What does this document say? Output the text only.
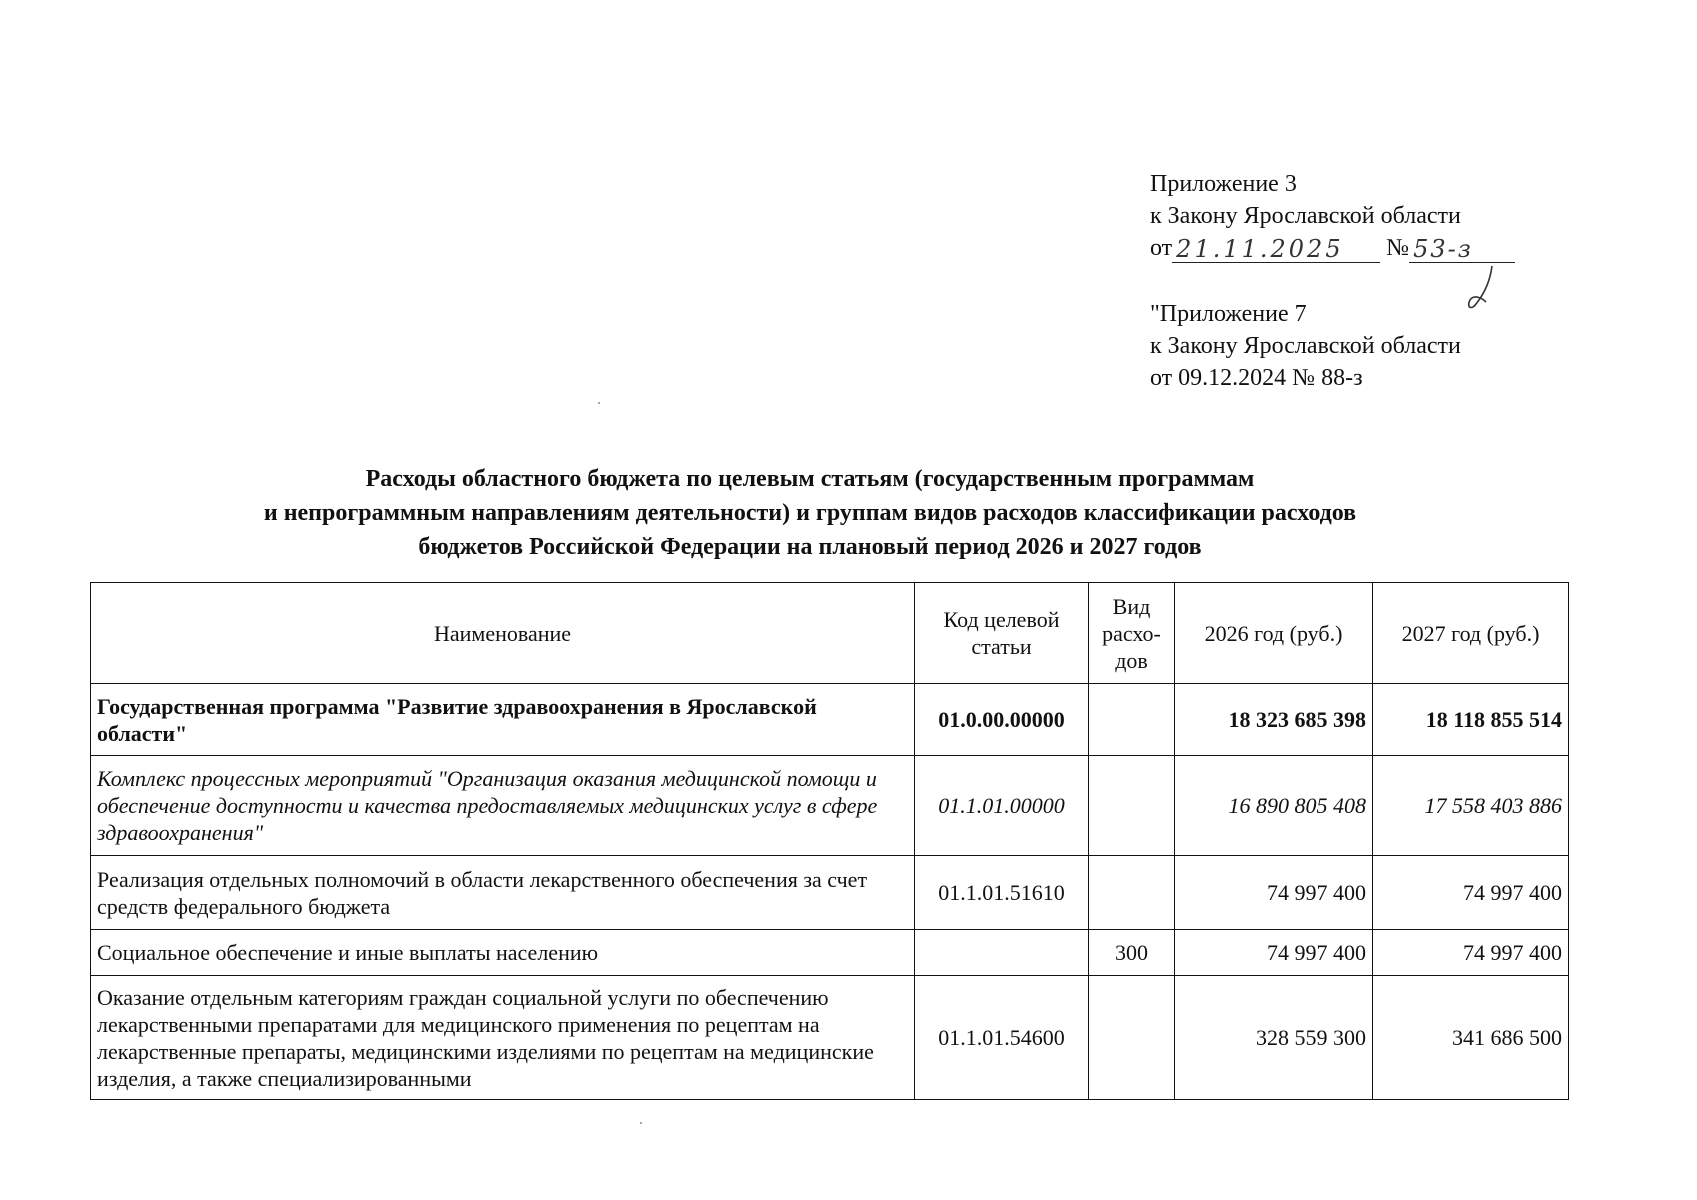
Приложение 3
к Закону Ярославской области
от 21.11.2025 № 53-з
"Приложение 7
к Закону Ярославской области
от 09.12.2024 № 88-з
Расходы областного бюджета по целевым статьям (государственным программам
и непрограммным направлениям деятельности) и группам видов расходов классификации расходов
бюджетов Российской Федерации на плановый период 2026 и 2027 годов
Наименование	Код целевой статьи	Вид расхо- дов	2026 год (руб.)	2027 год (руб.)
Государственная программа "Развитие здравоохранения в Ярославской области"	01.0.00.00000		18 323 685 398	18 118 855 514
Комплекс процессных мероприятий "Организация оказания медицинской помощи и обеспечение доступности и качества предоставляемых медицинских услуг в сфере здравоохранения"	01.1.01.00000		16 890 805 408	17 558 403 886
Реализация отдельных полномочий в области лекарственного обеспечения за счет средств федерального бюджета	01.1.01.51610		74 997 400	74 997 400
Социальное обеспечение и иные выплаты населению		300	74 997 400	74 997 400
Оказание отдельным категориям граждан социальной услуги по обеспечению лекарственными препаратами для медицинского применения по рецептам на лекарственные препараты, медицинскими изделиями по рецептам на медицинские изделия, а также специализированными	01.1.01.54600		328 559 300	341 686 500
